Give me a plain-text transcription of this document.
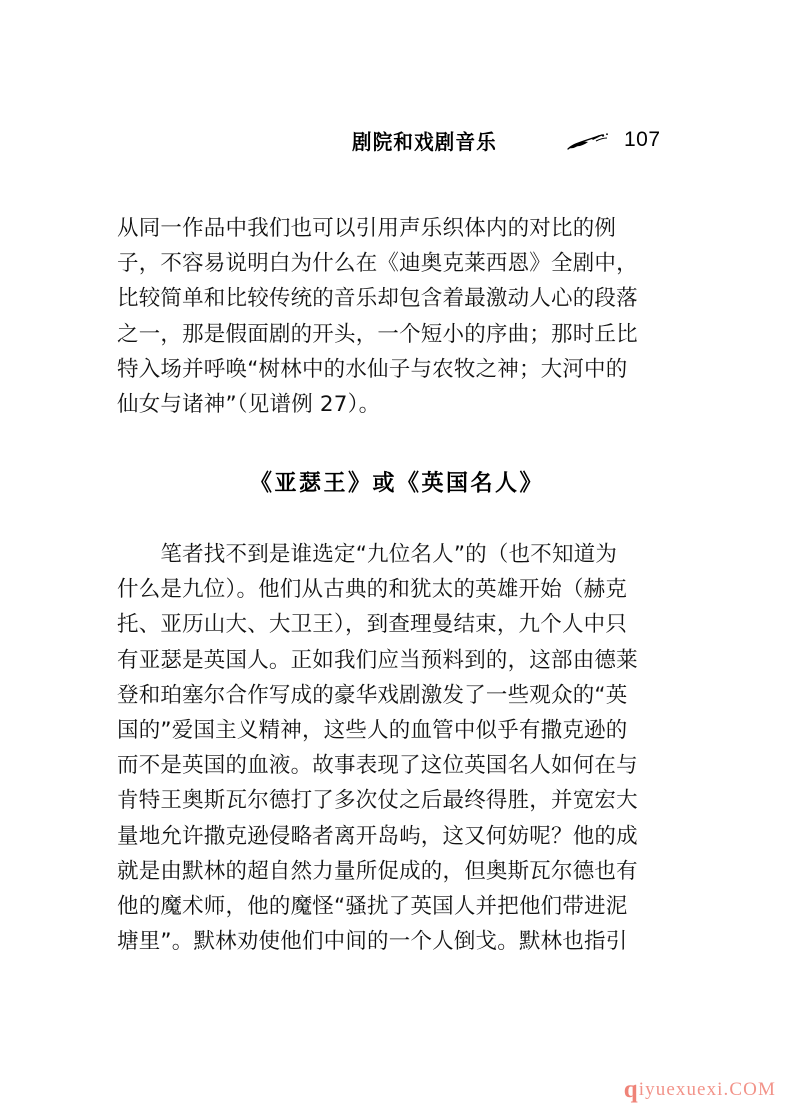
剧院和戏剧音乐	107
从同一作品中我们也可以引用声乐织体内的对比的例
子，不容易说明白为什么在《迪奥克莱西恩》全剧中，
比较简单和比较传统的音乐却包含着最激动人心的段落
之一，那是假面剧的开头，一个短小的序曲；那时丘比
特入场并呼唤“树林中的水仙子与农牧之神；大河中的
仙女与诸神”（见谱例 27）。
《亚瑟王》或《英国名人》
　　笔者找不到是谁选定“九位名人”的（也不知道为
什么是九位）。他们从古典的和犹太的英雄开始（赫克
托、亚历山大、大卫王），到查理曼结束，九个人中只
有亚瑟是英国人。正如我们应当预料到的，这部由德莱
登和珀塞尔合作写成的豪华戏剧激发了一些观众的“英
国的”爱国主义精神，这些人的血管中似乎有撒克逊的
而不是英国的血液。故事表现了这位英国名人如何在与
肯特王奥斯瓦尔德打了多次仗之后最终得胜，并宽宏大
量地允许撒克逊侵略者离开岛屿，这又何妨呢？他的成
就是由默林的超自然力量所促成的，但奥斯瓦尔德也有
他的魔术师，他的魔怪“骚扰了英国人并把他们带进泥
塘里”。默林劝使他们中间的一个人倒戈。默林也指引
qiyuexuexi.COM
